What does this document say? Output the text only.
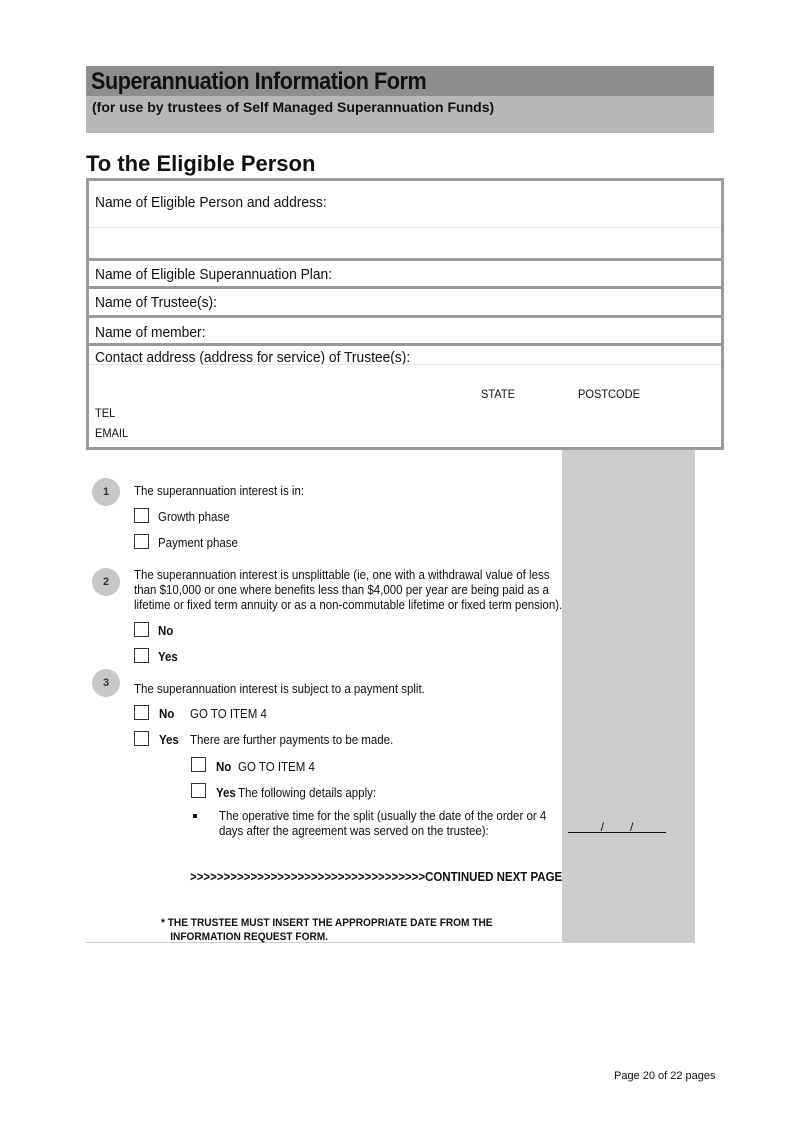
Superannuation Information Form
(for use by trustees of Self Managed Superannuation Funds)
To the Eligible Person
Name of Eligible Person and address:
Name of Eligible Superannuation Plan:
Name of Trustee(s):
Name of member:
Contact address (address for service) of Trustee(s):
STATE	POSTCODE
TEL
EMAIL
1	The superannuation interest is in:
Growth phase
Payment phase
2	The superannuation interest is unsplittable (ie, one with a withdrawal value of less
than $10,000 or one where benefits less than $4,000 per year are being paid as a
lifetime or fixed term annuity or as a non-commutable lifetime or fixed term pension).
No
Yes
3	The superannuation interest is subject to a payment split.
No GO TO ITEM 4
Yes There are further payments to be made.
No GO TO ITEM 4
Yes The following details apply:
The operative time for the split (usually the date of the order or 4
days after the agreement was served on the trustee):	/ /
>>>>>>>>>>>>>>>>>>>>>>>>>>>>>>>>>>>CONTINUED NEXT PAGE
* THE TRUSTEE MUST INSERT THE APPROPRIATE DATE FROM THE
INFORMATION REQUEST FORM.
Page 20 of 22 pages
